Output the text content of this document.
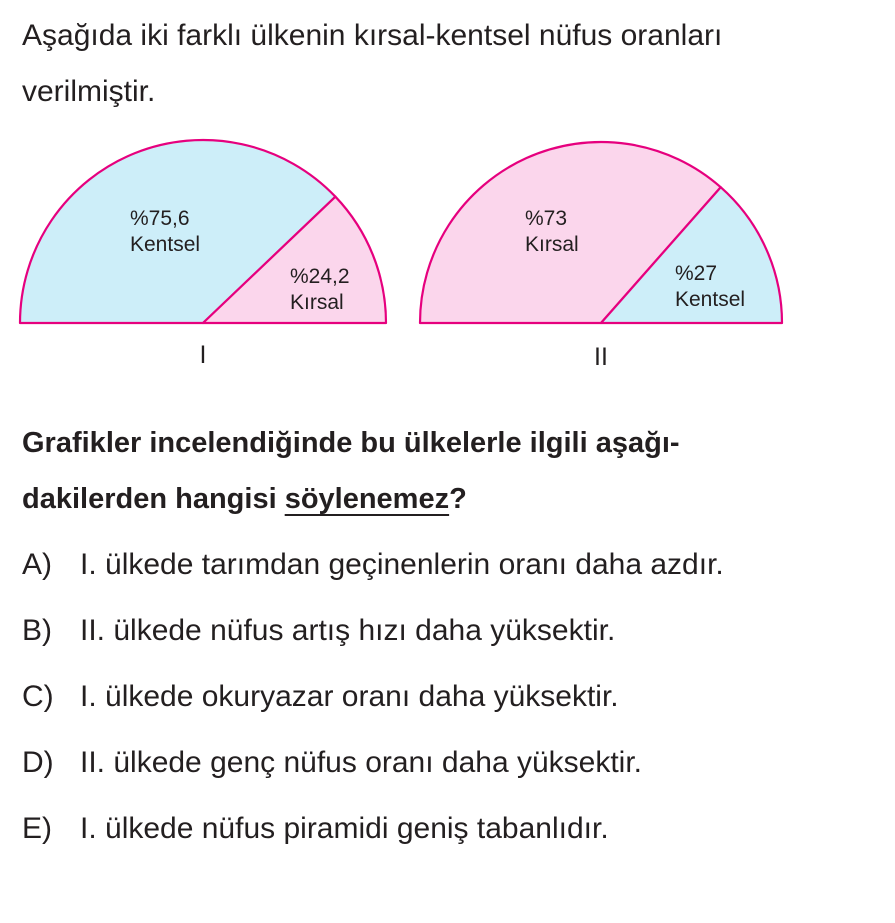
Aşağıda iki farklı ülkenin kırsal-kentsel nüfus oranları
verilmiştir.

%75,6
Kentsel
%24,2
Kırsal
I
%73
Kırsal
%27
Kentsel
II

Grafikler incelendiğinde bu ülkelerle ilgili aşağı-
dakilerden hangisi söylenemez?

A) I. ülkede tarımdan geçinenlerin oranı daha azdır.
B) II. ülkede nüfus artış hızı daha yüksektir.
C) I. ülkede okuryazar oranı daha yüksektir.
D) II. ülkede genç nüfus oranı daha yüksektir.
E) I. ülkede nüfus piramidi geniş tabanlıdır.
